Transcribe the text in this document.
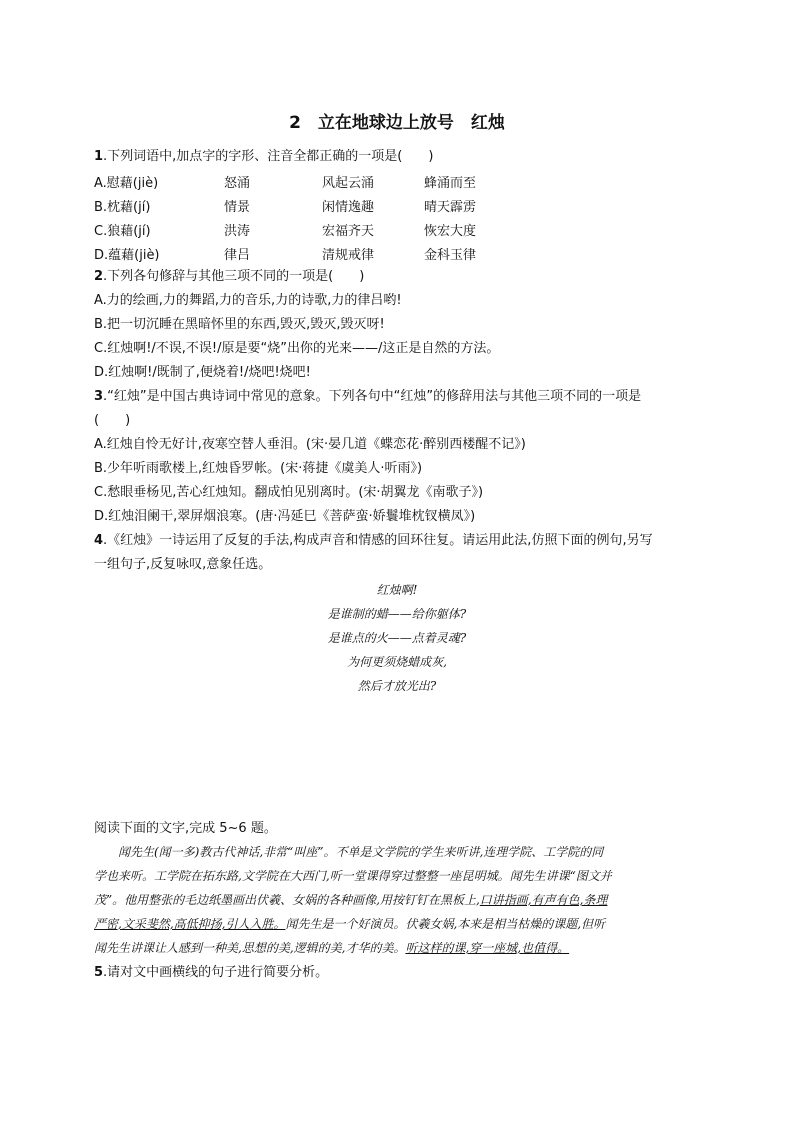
2　立在地球边上放号　红烛
1.下列词语中,加点字的字形、注音全都正确的一项是(　　)
A.慰藉(jiè)	怒涌	风起云涌	蜂涌而至
B.枕藉(jí)	情景	闲情逸趣	晴天霹雳
C.狼藉(jí)	洪涛	宏福齐天	恢宏大度
D.蕴藉(jiè)	律吕	清规戒律	金科玉律
2.下列各句修辞与其他三项不同的一项是(　　)
A.力的绘画,力的舞蹈,力的音乐,力的诗歌,力的律吕哟!
B.把一切沉睡在黑暗怀里的东西,毁灭,毁灭,毁灭呀!
C.红烛啊!/不误,不误!/原是要“烧”出你的光来——/这正是自然的方法。
D.红烛啊!/既制了,便烧着!/烧吧!烧吧!
3.“红烛”是中国古典诗词中常见的意象。下列各句中“红烛”的修辞用法与其他三项不同的一项是
(　　)
A.红烛自怜无好计,夜寒空替人垂泪。(宋·晏几道《蝶恋花·醉别西楼醒不记》)
B.少年听雨歌楼上,红烛昏罗帐。(宋·蒋捷《虞美人·听雨》)
C.愁眼垂杨见,苦心红烛知。翻成怕见别离时。(宋·胡翼龙《南歌子》)
D.红烛泪阑干,翠屏烟浪寒。(唐·冯延巳《菩萨蛮·娇鬟堆枕钗横凤》)
4.《红烛》一诗运用了反复的手法,构成声音和情感的回环往复。请运用此法,仿照下面的例句,另写
一组句子,反复咏叹,意象任选。
红烛啊!
是谁制的蜡——给你躯体?
是谁点的火——点着灵魂?
为何更须烧蜡成灰,
然后才放光出?
阅读下面的文字,完成 5~6 题。
闻先生(闻一多)教古代神话,非常“叫座”。不单是文学院的学生来听讲,连理学院、工学院的同
学也来听。工学院在拓东路,文学院在大西门,听一堂课得穿过整整一座昆明城。闻先生讲课“图文并
茂”。他用整张的毛边纸墨画出伏羲、女娲的各种画像,用按钉钉在黑板上,口讲指画,有声有色,条理
严密,文采斐然,高低抑扬,引人入胜。闻先生是一个好演员。伏羲女娲,本来是相当枯燥的课题,但听
闻先生讲课让人感到一种美,思想的美,逻辑的美,才华的美。听这样的课,穿一座城,也值得。
5.请对文中画横线的句子进行简要分析。
